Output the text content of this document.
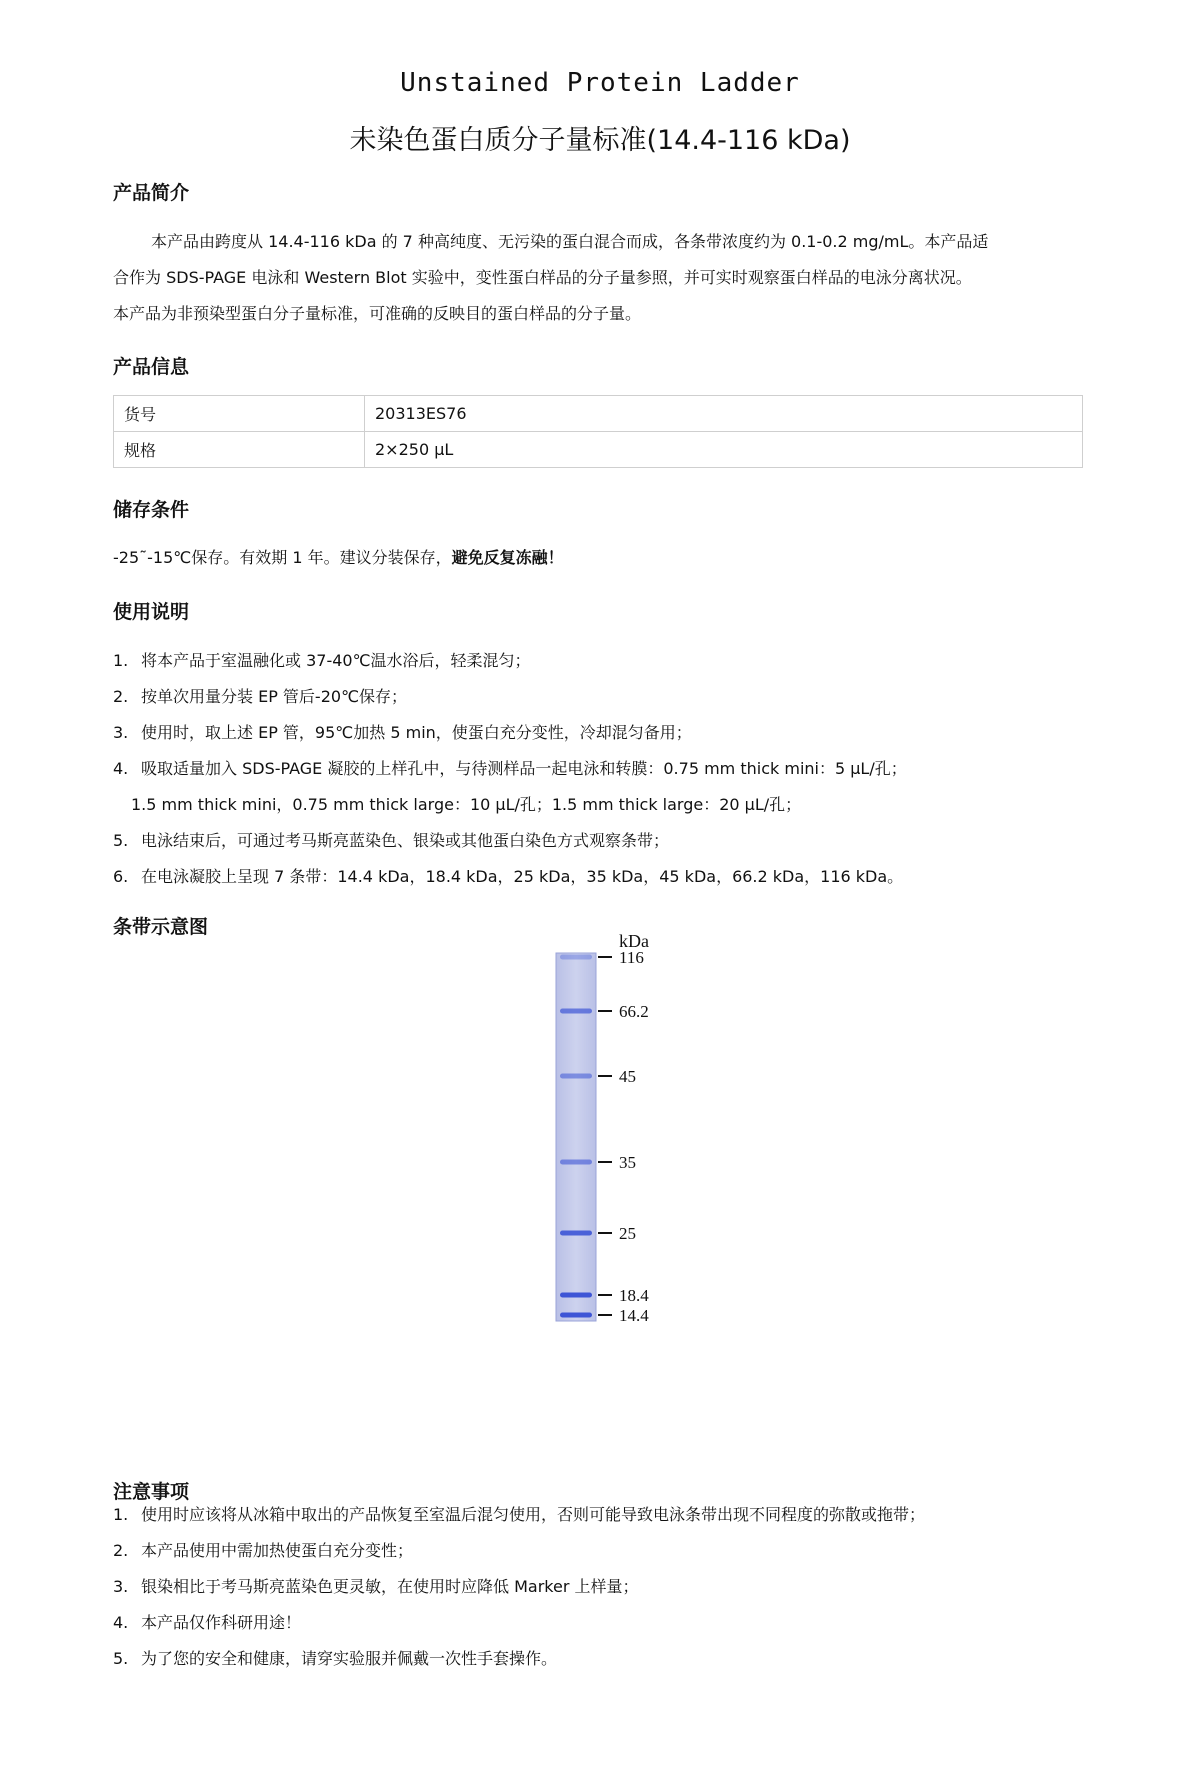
Unstained Protein Ladder
未染色蛋白质分子量标准(14.4-116 kDa)
产品简介

本产品由跨度从 14.4-116 kDa 的 7 种高纯度、无污染的蛋白混合而成，各条带浓度约为 0.1-0.2 mg/mL。本产品适

合作为 SDS-PAGE 电泳和 Western Blot 实验中，变性蛋白样品的分子量参照，并可实时观察蛋白样品的电泳分离状况。

本产品为非预染型蛋白分子量标准，可准确的反映目的蛋白样品的分子量。

产品信息
货号	20313ES76
规格	2×250 μL
储存条件
-25˜-15℃保存。有效期 1 年。建议分装保存，避免反复冻融！
使用说明
1. 将本产品于室温融化或 37-40℃温水浴后，轻柔混匀；
2. 按单次用量分装 EP 管后-20℃保存；
3. 使用时，取上述 EP 管，95℃加热 5 min，使蛋白充分变性，冷却混匀备用；
4. 吸取适量加入 SDS-PAGE 凝胶的上样孔中，与待测样品一起电泳和转膜：0.75 mm thick mini：5 μL/孔；
1.5 mm thick mini，0.75 mm thick large：10 μL/孔；1.5 mm thick large：20 μL/孔；
5. 电泳结束后，可通过考马斯亮蓝染色、银染或其他蛋白染色方式观察条带；
6. 在电泳凝胶上呈现 7 条带：14.4 kDa，18.4 kDa，25 kDa，35 kDa，45 kDa，66.2 kDa，116 kDa。
条带示意图
kDa
116
66.2
45
35
25
18.4
14.4
注意事项
1. 使用时应该将从冰箱中取出的产品恢复至室温后混匀使用，否则可能导致电泳条带出现不同程度的弥散或拖带；
2. 本产品使用中需加热使蛋白充分变性；
3. 银染相比于考马斯亮蓝染色更灵敏，在使用时应降低 Marker 上样量；
4. 本产品仅作科研用途！
5. 为了您的安全和健康，请穿实验服并佩戴一次性手套操作。
